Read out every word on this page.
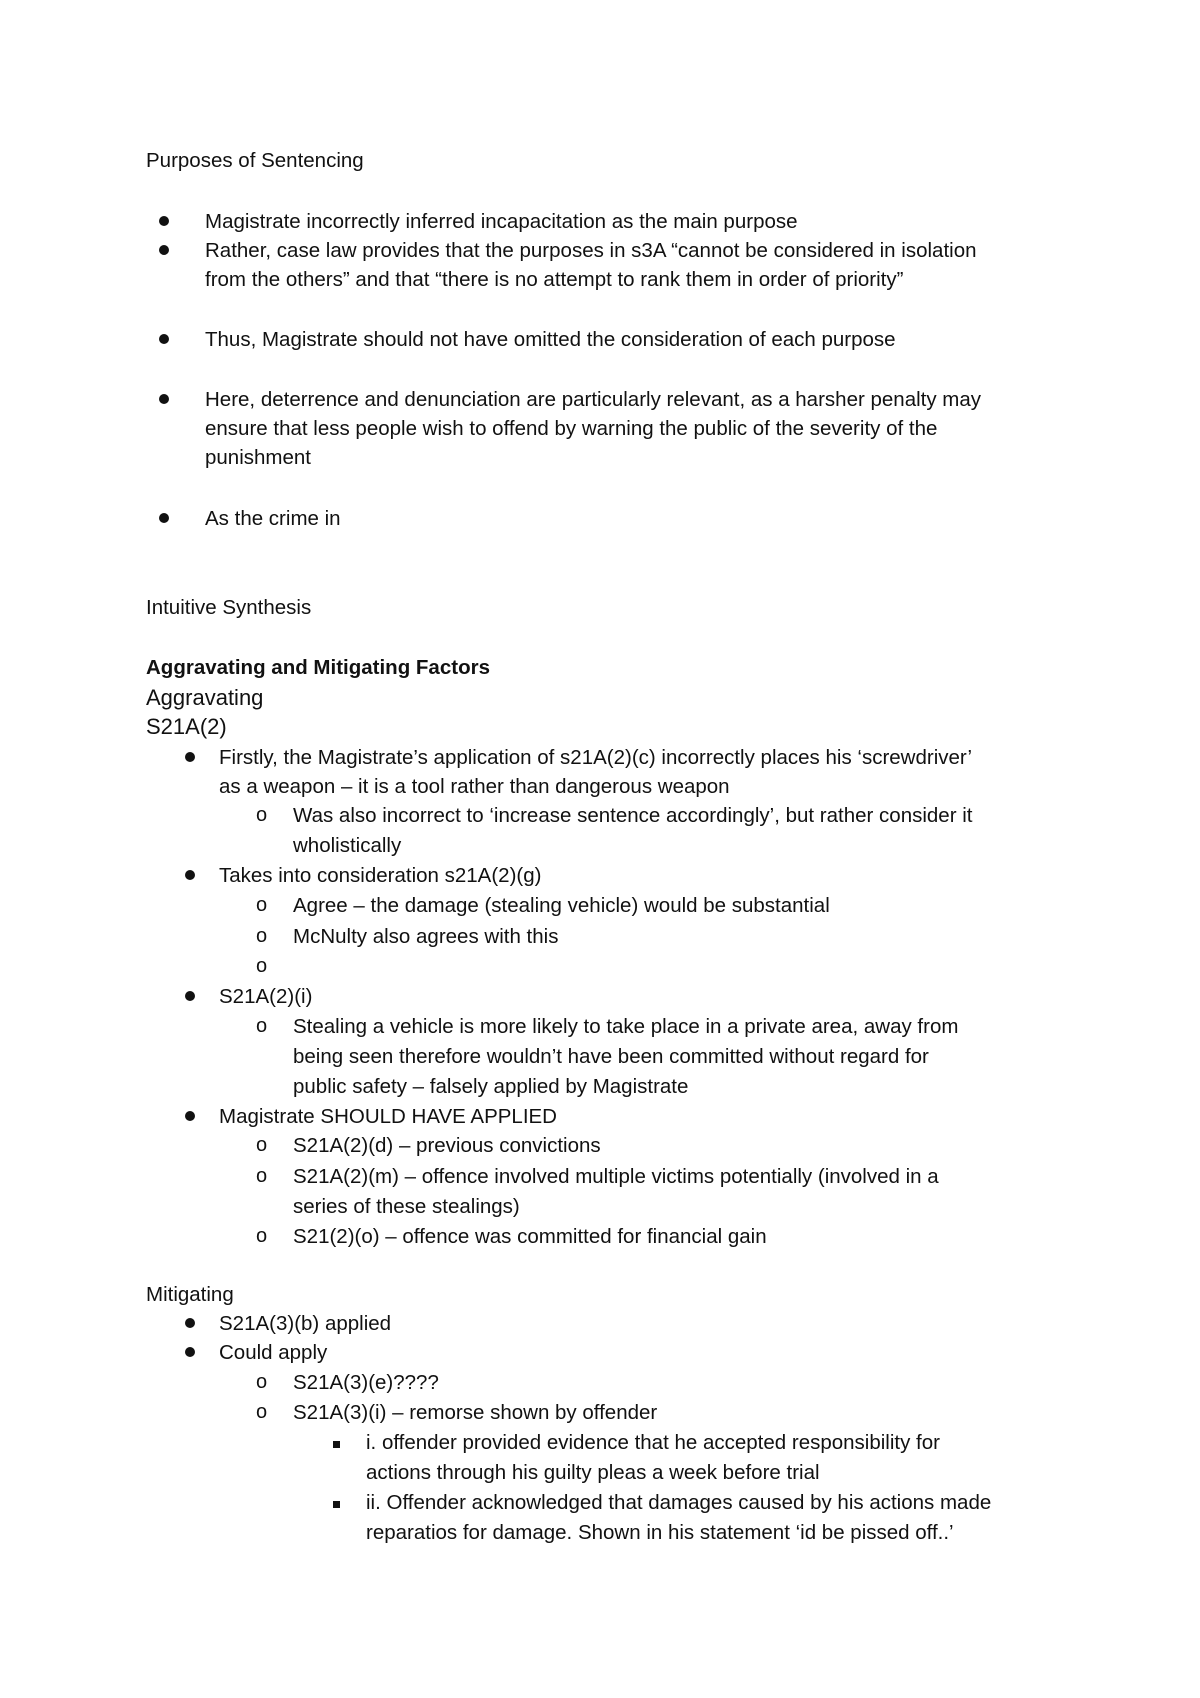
Purposes of Sentencing
Magistrate incorrectly inferred incapacitation as the main purpose
Rather, case law provides that the purposes in s3A “cannot be considered in isolation
from the others” and that “there is no attempt to rank them in order of priority”
Thus, Magistrate should not have omitted the consideration of each purpose
Here, deterrence and denunciation are particularly relevant, as a harsher penalty may
ensure that less people wish to offend by warning the public of the severity of the
punishment
As the crime in
Intuitive Synthesis
Aggravating and Mitigating Factors
Aggravating
S21A(2)
Firstly, the Magistrate’s application of s21A(2)(c) incorrectly places his ‘screwdriver’
as a weapon – it is a tool rather than dangerous weapon
o Was also incorrect to ‘increase sentence accordingly’, but rather consider it
wholistically
Takes into consideration s21A(2)(g)
o Agree – the damage (stealing vehicle) would be substantial
o McNulty also agrees with this
o
S21A(2)(i)
o Stealing a vehicle is more likely to take place in a private area, away from
being seen therefore wouldn’t have been committed without regard for
public safety – falsely applied by Magistrate
Magistrate SHOULD HAVE APPLIED
o S21A(2)(d) – previous convictions
o S21A(2)(m) – offence involved multiple victims potentially (involved in a
series of these stealings)
o S21(2)(o) – offence was committed for financial gain
Mitigating
S21A(3)(b) applied
Could apply
o S21A(3)(e)????
o S21A(3)(i) – remorse shown by offender
i. offender provided evidence that he accepted responsibility for
actions through his guilty pleas a week before trial
ii. Offender acknowledged that damages caused by his actions made
reparatios for damage. Shown in his statement ‘id be pissed off..’
